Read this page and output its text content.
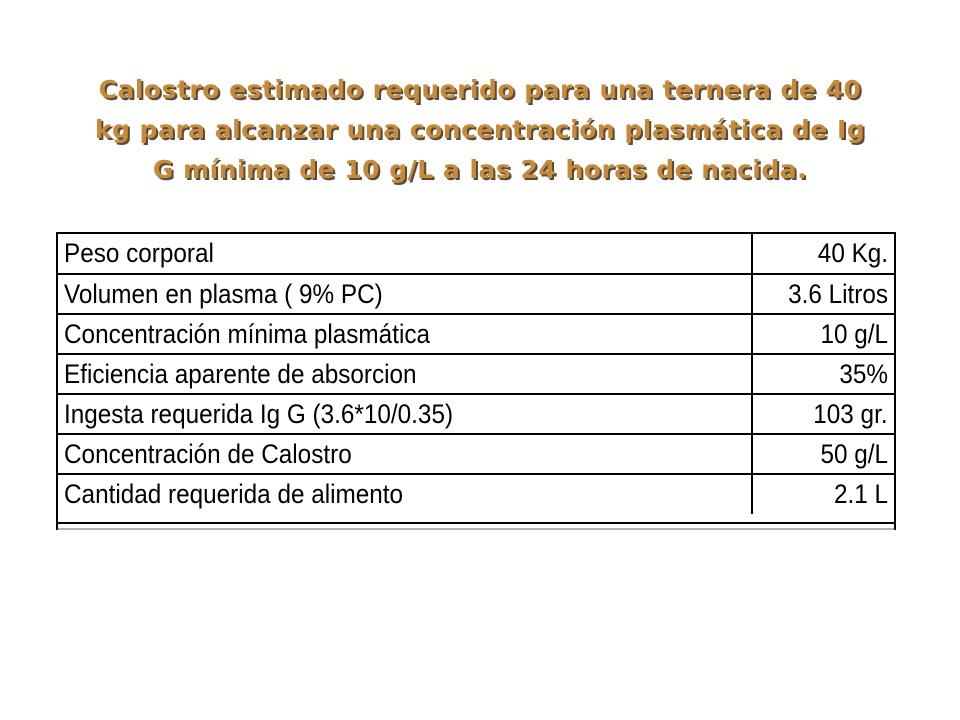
Calostro estimado requerido para una ternera de 40
kg para alcanzar una concentración plasmática de Ig
G mínima de 10 g/L a las 24 horas de nacida.
Peso corporal	40 Kg.
Volumen en plasma ( 9% PC)	3.6 Litros
Concentración mínima plasmática	10 g/L
Eficiencia aparente de absorcion	35%
Ingesta requerida Ig G (3.6*10/0.35)	103 gr.
Concentración de Calostro	50 g/L
Cantidad requerida de alimento	2.1 L
